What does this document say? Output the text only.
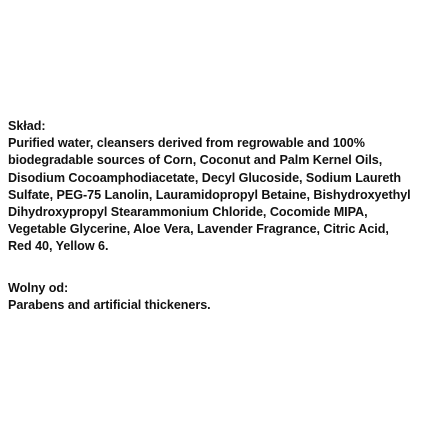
Skład:

Purified water, cleansers derived from regrowable and 100%
biodegradable sources of Corn, Coconut and Palm Kernel Oils,
Disodium Cocoamphodiacetate, Decyl Glucoside, Sodium Laureth
Sulfate, PEG-75 Lanolin, Lauramidopropyl Betaine, Bishydroxyethyl
Dihydroxypropyl Stearammonium Chloride, Cocomide MIPA,
Vegetable Glycerine, Aloe Vera, Lavender Fragrance, Citric Acid,
Red 40, Yellow 6.

Wolny od:

Parabens and artificial thickeners.
